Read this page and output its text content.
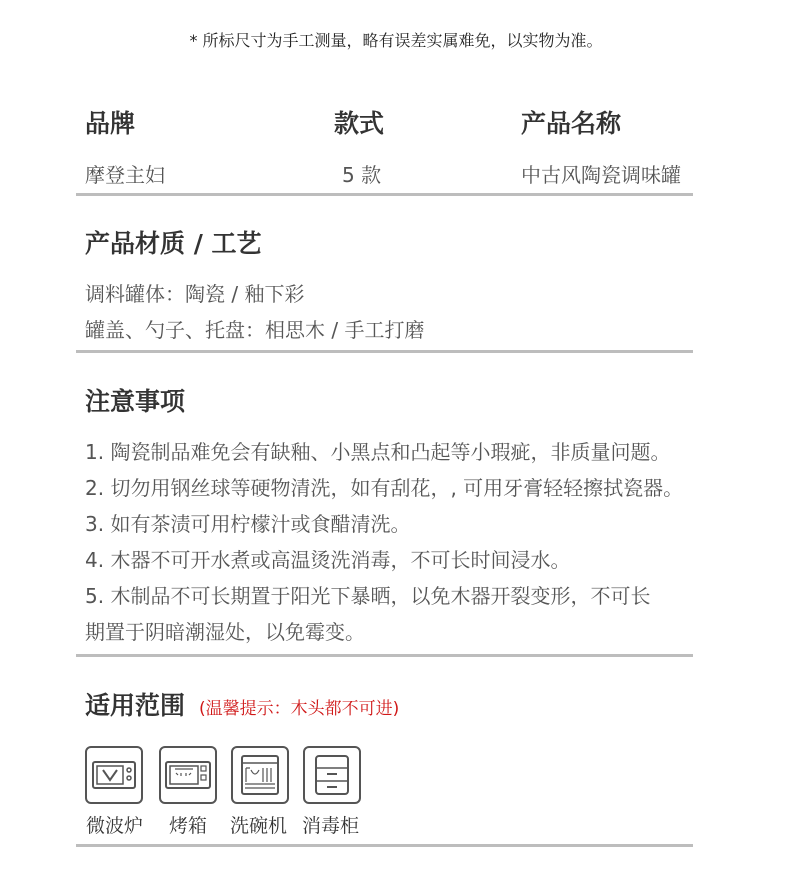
* 所标尺寸为手工测量，略有误差实属难免，以实物为准。
品牌	款式	产品名称
摩登主妇	5 款	中古风陶瓷调味罐
产品材质 / 工艺
调料罐体：陶瓷 / 釉下彩
罐盖、勺子、托盘：相思木 / 手工打磨
注意事项
1. 陶瓷制品难免会有缺釉、小黑点和凸起等小瑕疵，非质量问题。
2. 切勿用钢丝球等硬物清洗，如有刮花，, 可用牙膏轻轻擦拭瓷器。
3. 如有茶渍可用柠檬汁或食醋清洗。
4. 木器不可开水煮或高温烫洗消毒，不可长时间浸水。
5. 木制品不可长期置于阳光下暴晒，以免木器开裂变形，不可长
期置于阴暗潮湿处，以免霉变。
适用范围 (温馨提示：木头都不可进)
微波炉 烤箱 洗碗机 消毒柜
